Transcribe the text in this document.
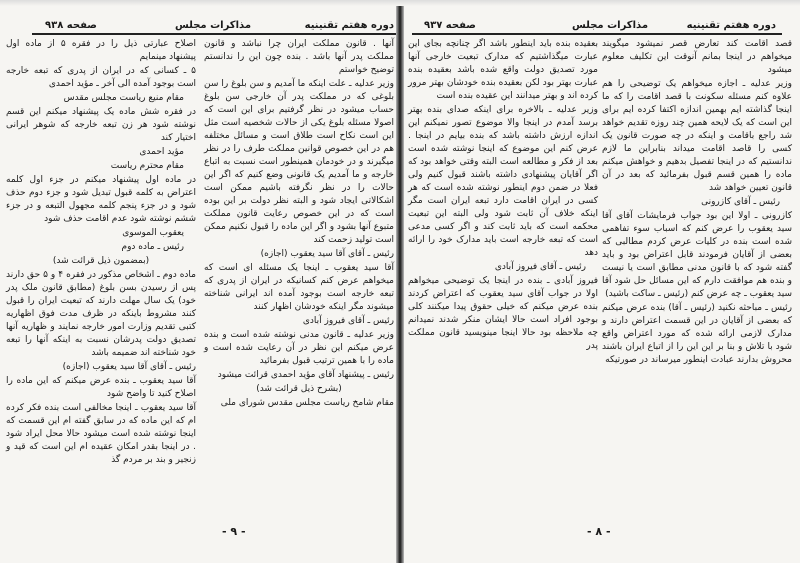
صفحه ۹۳۸	مذاکرات مجلس	دوره هفتم تقنینیه

آنها . قانون مملکت ایران چرا نباشد و قانون مملکت پدر آنها باشد . بنده چون این را ندانستم توضیح خواستم

وزیر عدلیه ـ علت اینکه ما آمدیم و سن بلوغ را سن بلوغی که در مملکت پدر آن خارجی سن بلوغ حساب میشود در نظر گرفتیم برای این است که اصولا مسئله بلوغ یکی از حالات شخصیه است مثل این است نکاح است طلاق است و مسائل مختلفه هم در این خصوص قوانین مملکت طرف را در نظر میگیرند و در خودمان همینطور است نسبت به اتباع خارجه و ما آمدیم یک قانونی وضع کنیم که اگر این حالات را در نظر نگرفته باشیم ممکن است اشکالاتی ایجاد شود و البته نظر دولت بر این بوده است که در این خصوص رعایت قانون مملکت متبوع آنها بشود و اگر این ماده را قبول نکنیم ممکن است تولید زحمت کند

رئیس ـ آقای آقا سید یعقوب (اجازه)

آقا سید یعقوب ـ اینجا یک مسئله ای است که میخواهم عرض کنم کسانیکه در ایران از پدری که تبعه خارجه است بوجود آمده اند ایرانی شناخته میشوند مگر اینکه خودشان اظهار کنند

رئیس ـ آقای فیروز آبادی

وزیر عدلیه ـ قانون مدنی نوشته شده است و بنده عرض میکنم این نظر در آن رعایت شده است و ماده را با همین ترتیب قبول بفرمائید

رئیس ـ پیشنهاد آقای مؤید احمدی قرائت میشود

(بشرح ذیل قرائت شد)

مقام شامخ ریاست مجلس مقدس شورای ملی

اصلاح عبارتی ذیل را در فقره ۵ از ماده اول پیشنهاد مینمایم

۵ ـ کسانی که در ایران از پدری که تبعه خارجه است بوجود آمده الی آخر ـ مؤید احمدی

مقام منیع ریاست مجلس مقدس

در فقره شش ماده یک پیشنهاد میکنم این قسم نوشته شود هر زن تبعه خارجه که شوهر ایرانی اختیار کند

مؤید احمدی

مقام محترم ریاست

در ماده اول پیشنهاد میکنم در جزء اول کلمه اعتراض به کلمه قبول تبدیل شود و جزء دوم حذف شود و در جزء پنجم کلمه مجهول التبعه و در جزء ششم نوشته شود عدم اقامت حذف شود

یعقوب الموسوی

رئیس ـ ماده دوم

(بمضمون ذیل قرائت شد)

ماده دوم ـ اشخاص مذکور در فقره ۴ و ۵ حق دارند پس از رسیدن بسن بلوغ (مطابق قانون ملک پدر خود) یک سال مهلت دارند که تبعیت ایران را قبول کنند مشروط باینکه در ظرف مدت فوق اظهاریه کتبی تقدیم وزارت امور خارجه نمایند و ظهاریه آنها تصدیق دولت پدرشان نسبت به اینکه آنها را تبعه خود شناخته اند ضمیمه باشد

رئیس ـ آقای آقا سید یعقوب (اجازه)

آقا سید یعقوب ـ بنده عرض میکنم که این ماده را اصلاح کنید تا واضح شود

آقا سید یعقوب ـ اینجا مخالفی است بنده فکر کرده ام که این ماده که در سابق گفته ام این قسمت که اینجا نوشته شده است میشود حالا محل ایراد شود . در اینجا بقدر امکان عقیده ام این است که قید و زنجیر و بند بر مردم گذ

- ۹ -
صفحه ۹۳۷	مذاکرات مجلس	دوره هفتم تقنینیه

قصد اقامت کند تعارض قصر نمیشود میگویند میخواهم در اینجا بمانم آنوقت این تکلیف معلوم میشود

وزیر عدلیه ـ اجازه میخواهم یک توضیحی را هم علاوه کنم مسئله سکونت با قصد اقامت را که ما اینجا گذاشته ایم بهمین اندازه اکتفا کرده ایم برای این است که یک لایحه همین چند روزه تقدیم خواهد شد راجع باقامت و اینکه در چه صورت قانون یک کسی را قاصد اقامت میداند بنابراین ما لازم ندانستیم که در اینجا تفصیل بدهیم و خواهش میکنم ماده را همین قسم قبول بفرمائید که بعد در آن قانون تعیین خواهد شد

رئیس ـ آقای کازرونی

کازرونی ـ اولا این بود جواب فرمایشات آقای آقا سید یعقوب را عرض کنم که اسباب سوء تفاهمی شده است بنده در کلیات عرض کردم مطالبی که بعضی از آقایان فرمودند قابل اعتراض بود و باید گفته شود که با قانون مدنی مطابق است یا نیست و بنده هم موافقت دارم که این مسائل حل شود آقا سید یعقوب ـ چه عرض کنم (رئیس ـ ساکت باشید)

رئیس ـ مباحثه نکنید (رئیس ـ آقا) بنده عرض میکنم که بعضی از آقایان در این قسمت اعتراض دارند و مدارک لازمی ارائه شده که مورد اعتراض واقع شود با تلاش و بنا بر این این را از اتباع ایران باشند محروش بدارند عبادت اینطور میرساند در صورتیکه

بعقیده بنده باید اینطور باشد اگر چنانچه بجای این عبارت میگذاشتیم که مدارک تبعیت خارجی آنها مورد تصدیق دولت واقع شده باشد بعقیده بنده عبارت بهتر بود لکن بعقیده بنده خودشان بهتر مرور کرده اند و بهتر میدانند این عقیده بنده است

وزیر عدلیه ـ بالاخره برای اینکه صدای بنده بهتر برسد آمدم در اینجا والا موضوع تصور نمیکنم این اندازه ارزش داشته باشد که بنده بیایم در اینجا . عرض کنم این موضوع که اینجا نوشته شده است بعد از فکر و مطالعه است البته وقتی خواهد بود که اگر آقایان پیشنهادی داشته باشند قبول کنیم ولی فعلا در ضمن دوم اینطور نوشته شده است که هر کسی در ایران اقامت دارد تبعه ایران است مگر اینکه خلاف آن ثابت شود ولی البته این تبعیت محکمه است که باید ثابت کند و اگر کسی مدعی است که تبعه خارجه است باید مدارک خود را ارائه دهد

رئیس ـ آقای فیروز آبادی

فیروز آبادی ـ بنده در اینجا یک توضیحی میخواهم اولا در جواب آقای سید یعقوب که اعتراض کردند بنده عرض میکنم که خیلی حقوق پیدا میکنند کلی بوجود افراد است حالا ایشان منکر شدند نمیدانم چه ملاحظه بود حالا اینجا مینویسید قانون مملکت پدر

- ۸ -
